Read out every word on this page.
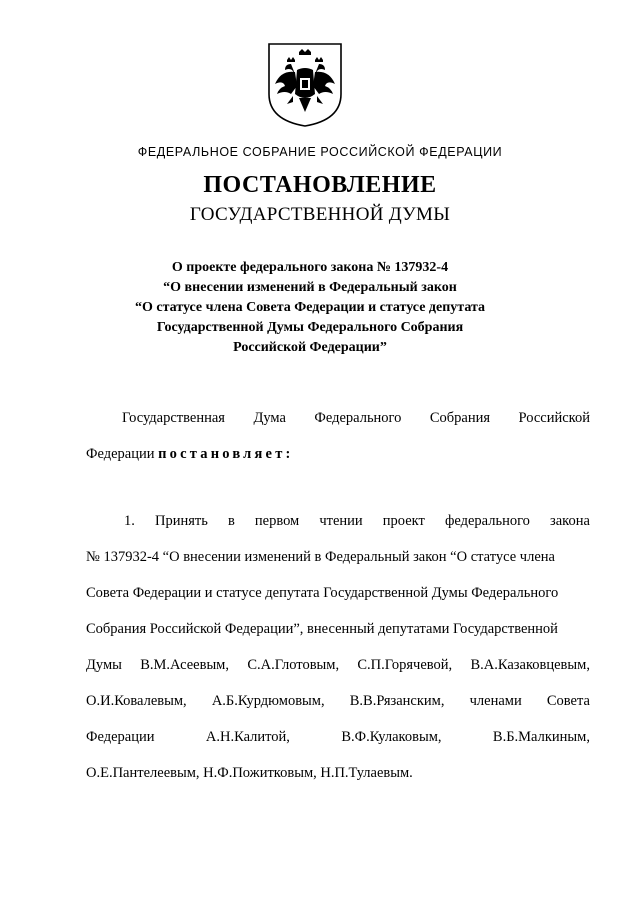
ФЕДЕРАЛЬНОЕ СОБРАНИЕ РОССИЙСКОЙ ФЕДЕРАЦИИ
ПОСТАНОВЛЕНИЕ
ГОСУДАРСТВЕННОЙ ДУМЫ
О проекте федерального закона № 137932-4
“О внесении изменений в Федеральный закон
“О статусе члена Совета Федерации и статусе депутата
Государственной Думы Федерального Собрания
Российской Федерации”
Государственная Дума Федерального Собрания Российской
Федерации постановляет:
1. Принять в первом чтении проект федерального закона
№ 137932-4 “О внесении изменений в Федеральный закон “О статусе члена
Совета Федерации и статусе депутата Государственной Думы Федерального
Собрания Российской Федерации”, внесенный депутатами Государственной
Думы В.М.Асеевым, С.А.Глотовым, С.П.Горячевой, В.А.Казаковцевым,
О.И.Ковалевым, А.Б.Курдюмовым, В.В.Рязанским, членами Совета
Федерации	А.Н.Калитой,	В.Ф.Кулаковым,	В.Б.Малкиным,
О.Е.Пантелеевым, Н.Ф.Пожитковым, Н.П.Тулаевым.
